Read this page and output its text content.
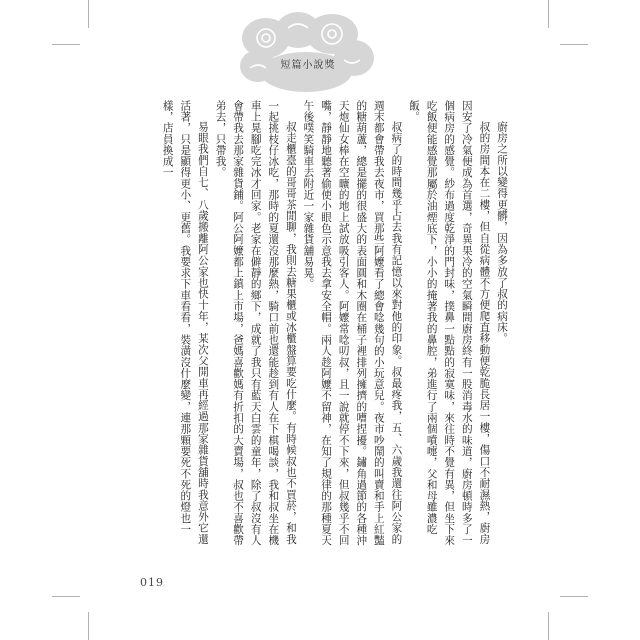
短篇小說獎

廚房之所以變得更髒，因為多放了叔的病床。

叔的房間本在二樓，但自從病體不方便爬直移動便乾脆長居一樓，傷口不耐濕熱，廚房因安了冷氣便成為首選，奇異果冷的空氣瞬間廚房終有一股消毒水的味道，廚房頓時多了一個病房的感覺。紗布過度乾淨的門封味，撲鼻一點點的寂寞味，來往時不覺有異，但坐下來吃飯便能感覺那屬於油煙底下，小小的掩著我的鼻腔，弟進行了兩個噴嚏，父和母雖濃吃飯。

叔病了的時間幾乎占去我有記憶以來對他的印象。叔最疼我，五、六歲我還往阿公家的週末都會帶我去夜市，買那些阿嬤看了總會唸幾句的小玩意兒。夜市吵鬧的叫賣和手上紅豔的糖葫蘆，總是擺的很盛大的表面圓和木圈在桶子裡排列擁擠的嘈捏擾。鏽角過節的各種沖天炮仙女棒在空曠的地上試放吸引客人。阿嬤常唸叨叔，且一說就停不下來，但叔幾乎不回嘴，靜靜地聽著偷使小眼色示意我去拿安全帽。兩人趁阿嬤不留神，在知了規律的那種夏天午後噗笑騎車去附近一家雜貨舖易晃。

叔走櫃臺的哥哥茶閒聊，我則去糖果櫃或冰櫃盤算要吃什麼。有時候叔也不買菸，和我一起挑枝仔冰吃，那時的夏還沒那麼熱，騎口前也還能趁到有人在下棋喝談，我和叔坐在機車上晃腳吃完冰才回家。老家在僻靜的鄉下，成就了我只有藍天白雲的童年，除了叔沒有人會帶我去那家雜貨鋪。阿公阿嬤都上鎮上市場，爸媽喜歡媽有折扣的大賣場，叔也不喜歡帶弟去，只帶我。

易眼我們自七、八歲搬離阿公家也快十年，某次父開車再經過那家雜貨舖時我意外它還活著，只是顯得更小、更舊。我要求下車看看，裝潢沒什麼變，連那顆要死不死的燈也一樣，店員換成一

019
